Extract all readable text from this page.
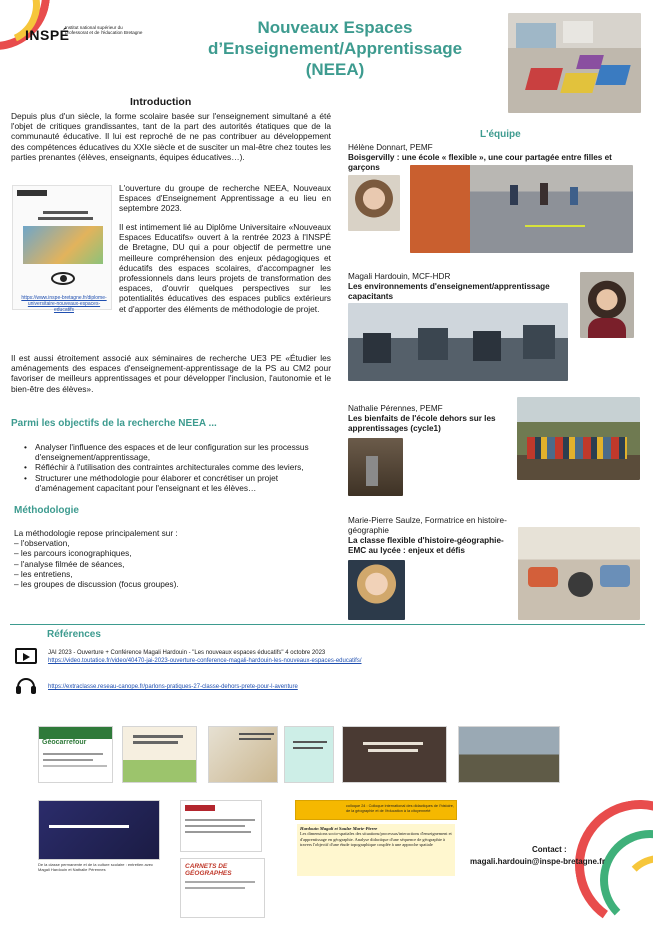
INSPÉ
Institut national supérieur du professorat et de l'éducation Bretagne	Nouveaux Espaces
d’Enseignement/Apprentissage
(NEEA)
Introduction
Depuis plus d'un siècle, la forme scolaire basée sur l'enseignement simultané a été l'objet de critiques grandissantes, tant de la part des autorités étatiques que de la communauté éducative. Il lui est reproché de ne pas contribuer au développement des compétences éducatives du XXIe siècle et de susciter un mal-être chez toutes les parties prenantes (élèves, enseignants, équipes éducatives…).
https://www.inspe-bretagne.fr/diplome-universitaire-nouveaux-espaces-educatifs
L'ouverture du groupe de recherche NEEA, Nouveaux Espaces d'Enseignement Apprentissage a eu lieu en septembre 2023.
Il est intimement lié au Diplôme Universitaire «Nouveaux Espaces Educatifs» ouvert à la rentrée 2023 à l'INSPÉ de Bretagne, DU qui a pour objectif de permettre une meilleure compréhension des enjeux pédagogiques et éducatifs des espaces scolaires, d'accompagner les professionnels dans leurs projets de transformation des espaces, d'ouvrir quelques perspectives sur les potentialités éducatives des espaces publics extérieurs et d'apporter des éléments de méthodologie de projet.
Il est aussi étroitement associé aux séminaires de recherche UE3 PE «Étudier les aménagements des espaces d'enseignement-apprentissage de la PS au CM2 pour favoriser de meilleurs apprentissages et pour développer l'inclusion, l'autonomie et le bien-être des élèves».
Parmi les objectifs de la recherche NEEA ...
• Analyser l'influence des espaces et de leur configuration sur les processus d'enseignement/apprentissage,
• Réfléchir à l'utilisation des contraintes architecturales comme des leviers,
• Structurer une méthodologie pour élaborer et concrétiser un projet d'aménagement capacitant pour l'enseignant et les élèves…
Méthodologie
La méthodologie repose principalement sur :
– l'observation,
– les parcours iconographiques,
– l'analyse filmée de séances,
– les entretiens,
– les groupes de discussion (focus groupes).
L'équipe
Hélène Donnart, PEMF
Boisgervilly : une école « flexible », une cour partagée entre filles et garçons
Magali Hardouin, MCF-HDR
Les environnements d'enseignement/apprentissage capacitants
Nathalie Pérennes, PEMF
Les bienfaits de l'école dehors sur les apprentissages (cycle1)
Marie-Pierre Saulze, Formatrice en histoire-géographie
La classe flexible d'histoire-géographie-EMC au lycée : enjeux et défis
Références
JAI 2023 - Ouverture + Conférence Magali Hardouin - "Les nouveaux espaces éducatifs" 4 octobre 2023
https://video.toutatice.fr/video/40470-jai-2023-ouverture-conference-magali-hardouin-les-nouveaux-espaces-educatifs/
https://extraclasse.reseau-canope.fr/parlons-pratiques-27-classe-dehors-prete-pour-l-aventure
Géocarrefour
De la classe permanente et de la culture scolaire : entretien avec Magali Hardouin et Nathalie Pérennes	CARNETS DE GÉOGRAPHES
colloque 24 : Colloque international des didactiques de l'histoire, de la géographie et de l'éducation à la citoyenneté
Hardouin Magali et Saulze Marie-Pierre
Les dimensions socio-spatiales des situations/processus/interactions d'enseignement et d'apprentissage en géographie. Analyse didactique d'une séquence de géographie à travers l'objectif d'une étude topographique couplée à une approche spatiale
Contact :
magali.hardouin@inspe-bretagne.fr
